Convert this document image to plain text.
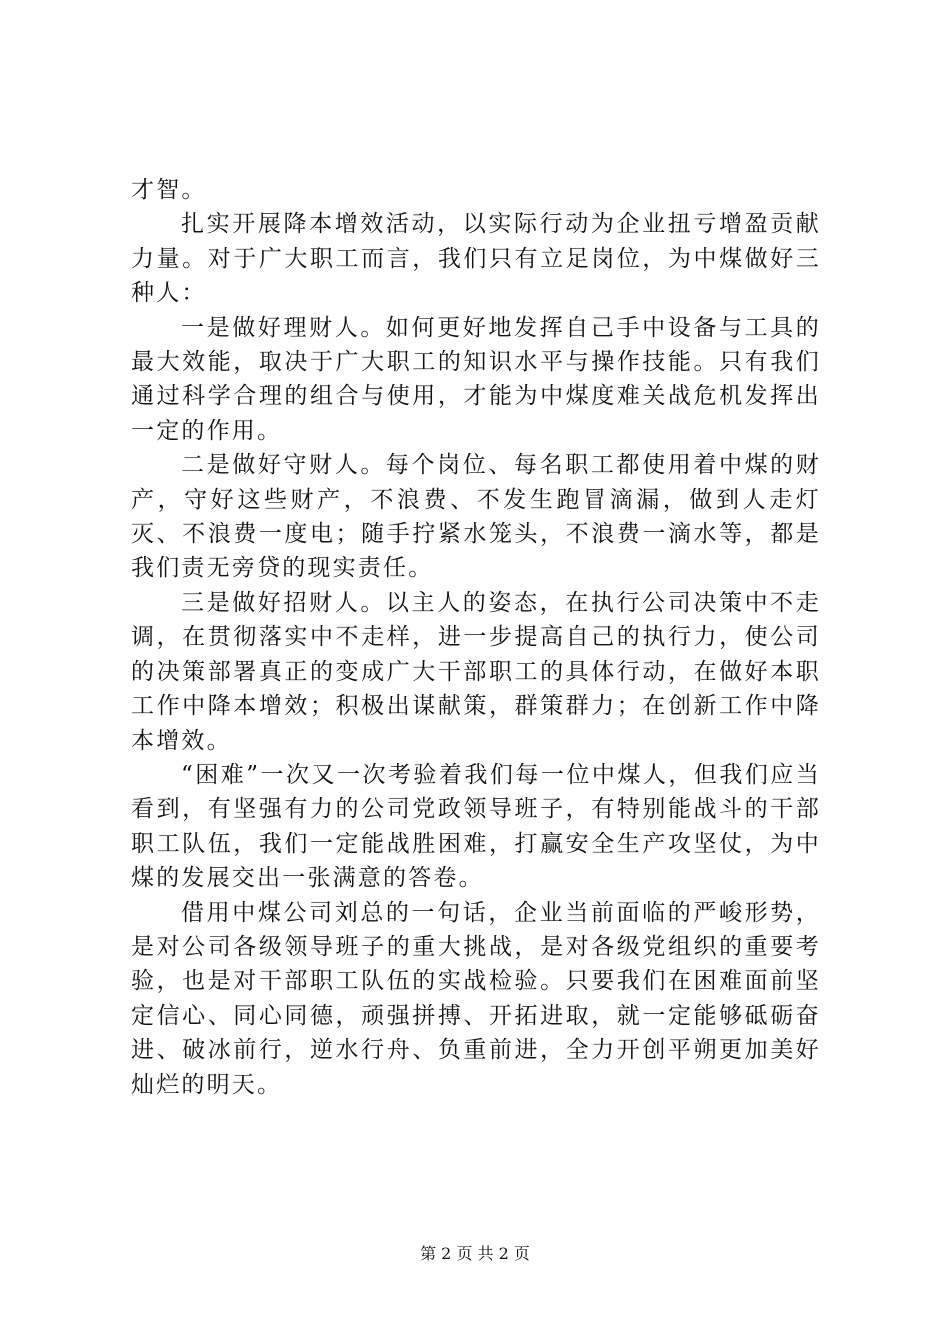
才智。

扎实开展降本增效活动，以实际行动为企业扭亏增盈贡献力量。对于广大职工而言，我们只有立足岗位，为中煤做好三种人：

一是做好理财人。如何更好地发挥自己手中设备与工具的最大效能，取决于广大职工的知识水平与操作技能。只有我们通过科学合理的组合与使用，才能为中煤度难关战危机发挥出一定的作用。

二是做好守财人。每个岗位、每名职工都使用着中煤的财产，守好这些财产，不浪费、不发生跑冒滴漏，做到人走灯灭、不浪费一度电；随手拧紧水笼头，不浪费一滴水等，都是我们责无旁贷的现实责任。

三是做好招财人。以主人的姿态，在执行公司决策中不走调，在贯彻落实中不走样，进一步提高自己的执行力，使公司的决策部署真正的变成广大干部职工的具体行动，在做好本职工作中降本增效；积极出谋献策，群策群力；在创新工作中降本增效。

“困难”一次又一次考验着我们每一位中煤人，但我们应当看到，有坚强有力的公司党政领导班子，有特别能战斗的干部职工队伍，我们一定能战胜困难，打赢安全生产攻坚仗，为中煤的发展交出一张满意的答卷。

借用中煤公司刘总的一句话，企业当前面临的严峻形势，是对公司各级领导班子的重大挑战，是对各级党组织的重要考验，也是对干部职工队伍的实战检验。只要我们在困难面前坚定信心、同心同德，顽强拼搏、开拓进取，就一定能够砥砺奋进、破冰前行，逆水行舟、负重前进，全力开创平朔更加美好灿烂的明天。

第 2 页 共 2 页
